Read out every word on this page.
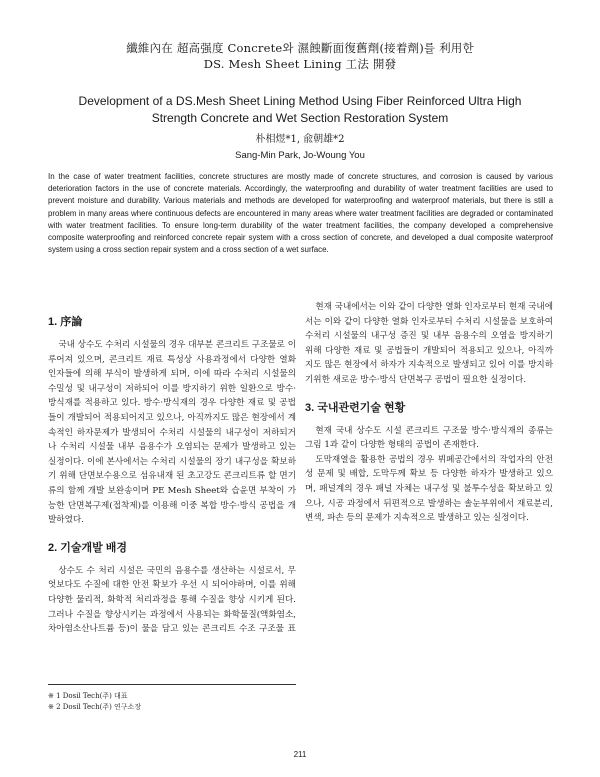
纖維內在 超高强度 Concrete와 濕蝕斷面復舊劑(接着劑)를 利用한
DS. Mesh Sheet Lining 工法 開發
Development of a DS.Mesh Sheet Lining Method Using Fiber Reinforced Ultra High
Strength Concrete and Wet Section Restoration System
朴相煜*1, 兪朝雄*2
Sang-Min Park, Jo-Woung You

In the case of water treatment facilities, concrete structures are mostly made of concrete structures, and corrosion is caused by various deterioration factors in the use of concrete materials. Accordingly, the waterproofing and durability of water treatment facilities are used to prevent moisture and durability. Various materials and methods are developed for waterproofing and waterproof materials, but there is still a problem in many areas where continuous defects are encountered in many areas where water treatment facilities are degraded or contaminated with water treatment facilities. To ensure long-term durability of the water treatment facilities, the company developed a comprehensive composite waterproofing and reinforced concrete repair system with a cross section of concrete, and developed a dual composite waterproof system using a cross section repair system and a cross section of a wet surface.

1. 序論

국내 상수도 수처리 시설물의 경우 대부분 콘크리트 구조물로 이루어져 있으며, 콘크리트 재료 특성상 사용과정에서 다양한 열화 인자들에 의해 부식이 발생하게 되며, 이에 따라 수처리 시설물의 수밀성 및 내구성이 저하되어 이를 방지하기 위한 일환으로 방수·방식재를 적용하고 있다. 방수·방식재의 경우 다양한 재료 및 공법들이 개발되어 적용되어지고 있으나, 아직까지도 많은 현장에서 계속적인 하자문제가 발생되어 수처리 시설물의 내구성이 저하되거나 수처리 시설물 내부 음용수가 오염되는 문제가 발생하고 있는 실정이다. 이에 본사에서는 수처리 시설물의 장기 내구성을 확보하기 위해 단면보수용으로 섬유내재 된 초고강도 콘크리트류 할 면기류의 함께 개발 보완송이며 PE Mesh Sheet와 습윤면 부착이 가능한 단면복구제(접착제)를 이용해 이중 복합 방수·방식 공법을 개발하였다.

2. 기술개발 배경

상수도 수 처리 시설은 국민의 음용수를 생산하는 시설로서, 무엇보다도 수질에 대한 안전 확보가 우선 시 되어야하며, 이를 위해 다양한 물리적, 화학적 처리과정을 통해 수질을 향상 시키게 된다. 그러나 수질을 향상시키는 과정에서 사용되는 화학물질(액화염소, 차아염소산나트륨 등)이 물을 담고 있는 콘크리트 수조 구조물 표

현재 국내에서는 이와 같이 다양한 열화 인자로부터 현재 국내에서는 이와 같이 다양한 열화 인자로부터 수처리 시설물을 보호하여 수처리 시설물의 내구성 증진 및 내부 음용수의 오염을 방지하기 위해 다양한 재료 및 공법들이 개발되어 적용되고 있으나, 아직까지도 많은 현장에서 하자가 지속적으로 발생되고 있어 이를 방지하기위한 새로운 방수·방식 단면복구 공법이 필요한 실정이다.

3. 국내관련기술 현황

현재 국내 상수도 시설 콘크리트 구조물 방수·방식재의 종류는 그림 1과 같이 다양한 형태의 공법이 존재한다.

도막재열을 활용한 공법의 경우 뷔페공간에서의 작업자의 안전성 문제 및 배합, 도막두께 확보 등 다양한 하자가 발생하고 있으며, 패널계의 경우 패널 자체는 내구성 및 불투수성을 확보하고 있으나, 시공 과정에서 뒤편적으로 발생하는 솔눈부위에서 재료분리, 변색, 파손 등의 문제가 지속적으로 발생하고 있는 실정이다.

※ 1 Dosil Tech(주) 대표

※ 2 Dosil Tech(주) 연구소장

211
